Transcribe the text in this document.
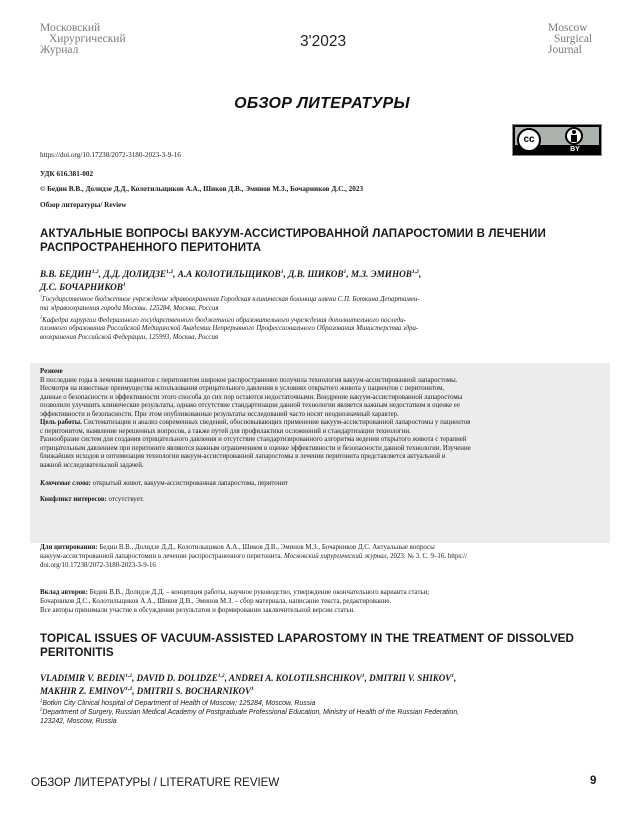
Московский
Хирургический
Журнал	3'2023
Moscow
Surgical
Journal
ОБЗОР ЛИТЕРАТУРЫ
cc
BY
https://doi.org/10.17238/2072-3180-2023-3-9-16
УДК 616.381-002
© Бедин В.В., Долидзе Д.Д., Колотильщиков А.А., Шиков Д.В., Эминов М.З., Бочарников Д.С., 2023
Обзор литературы/ Review
АКТУАЛЬНЫЕ ВОПРОСЫ ВАКУУМ-АССИСТИРОВАННОЙ ЛАПАРОСТОМИИ В ЛЕЧЕНИИ
РАСПРОСТРАНЕННОГО ПЕРИТОНИТА
В.В. БЕДИН$^{1,2}$, Д.Д. ДОЛИДЗЕ$^{1,2}$, А.А КОЛОТИЛЬЩИКОВ$^1$, Д.В. ШИКОВ$^1$, М.З. ЭМИНОВ$^{1,2}$,
Д.С. БОЧАРНИКОВ$^1$
$^1$Государственное бюджетное учреждение здравоохранения Городская клиническая больница имени С.П. Боткина Департамен-
та здравоохранения города Москвы. 125284, Москва, Россия
$^2$Кафедра хирургии Федерального государственного бюджетного образовательного учреждения дополнительного последи-
пломного образования Российской Медицинской Академии Непрерывного Профессионального Образования Министерства здра-
воохранения Российской Федерации, 125993, Москва, Россия
Резюме
В последние годы в лечении пациентов с перитонитом широкое распространение получила технология вакуум-ассистированной лапаростомы.
Несмотря на известные преимущества использования отрицательного давления в условиях открытого живота у пациентов с перитонитом,
данные о безопасности и эффективности этого способа до сих пор остаются недостаточными. Внедрение вакуум-ассистированной лапаростомы
позволило улучшить клинические результаты, однако отсутствие стандартизации данной технологии является важным недостатком в оценке ее
эффективности и безопасности. При этом опубликованные результаты исследований часто носят неоднозначный характер.
Цель работы. Систематизация и анализ современных сведений, обосновывающих применение вакуум-ассистированной лапаростомы у пациентов
с перитонитом, выявление нерешенных вопросов, а также путей для профилактики осложнений и стандартизации технологии.
Разнообразие систем для создания отрицательного давления и отсутствие стандартизированного алгоритма ведения открытого живота с терапией
отрицательным давлением при перитоните являются важным ограничением в оценке эффективности и безопасности данной технологии. Изучение
ближайших исходов и оптимизация технологии вакуум-ассистированной лапаростомы в лечении перитонита представляется актуальной и
важной исследовательской задачей.
Ключевые слова: открытый живот, вакуум-ассистированная лапаростома, перитонит
Конфликт интересов: отсутствует.
Для цитирования: Бедин В.В., Долидзе Д.Д., Колотильщиков А.А., Шиков Д.В., Эминов М.З., Бочарников Д.С. Актуальные вопросы
вакуум-ассистированной лапаростомии в лечении распространенного перитонита. Московский хирургический журнал, 2023. № 3. С. 9–16. https://
doi.org/10.17238/2072-3180-2023-3-9-16
Вклад авторов: Бедин В.В., Долидзе Д.Д. – концепция работы, научное руководство, утверждение окончательного варианта статьи;
Бочарников Д.С., Колотильщиков А.А., Шиков Д.В., Эминов М.З. – сбор материала, написание текста, редактирование.
Все авторы принимали участие в обсуждении результатов и формировании заключительной версии статьи.
TOPICAL ISSUES OF VACUUM-ASSISTED LAPAROSTOMY IN THE TREATMENT OF DISSOLVED
PERITONITIS
VLADIMIR V. BEDIN$^{1,2}$, DAVID D. DOLIDZE$^{1,2}$, ANDREI A. KOLOTILSHCHIKOV$^1$, DMITRII V. SHIKOV$^1$,
MAKHIR Z. EMINOV$^{1,2}$, DMITRII S. BOCHARNIKOV$^1$
$^1$Botkin City Clinical hospital of Department of Health of Moscow; 125284, Moscow, Russia
$^2$Department of Surgery, Russian Medical Academy of Postgraduate Professional Education, Ministry of Health of the Russian Federation,
123242, Moscow, Russia
ОБЗОР ЛИТЕРАТУРЫ / LITERATURE REVIEW	9
